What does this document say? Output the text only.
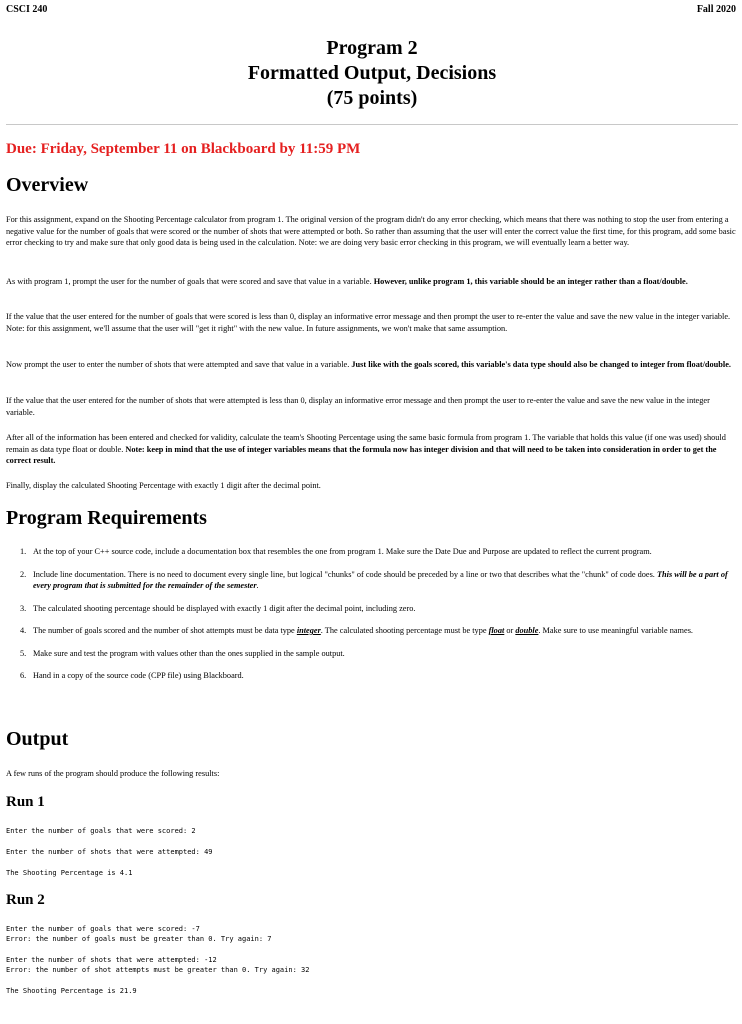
CSCI 240	Fall 2020
Program 2
Formatted Output, Decisions
(75 points)
Due: Friday, September 11 on Blackboard by 11:59 PM
Overview

For this assignment, expand on the Shooting Percentage calculator from program 1. The original version of the program didn't do any error checking, which means that there was nothing to stop the user from entering a negative value for the number of goals that were scored or the number of shots that were attempted or both. So rather than assuming that the user will enter the correct value the first time, for this program, add some basic error checking to try and make sure that only good data is being used in the calculation. Note: we are doing very basic error checking in this program, we will eventually learn a better way.

As with program 1, prompt the user for the number of goals that were scored and save that value in a variable. However, unlike program 1, this variable should be an integer rather than a float/double.

If the value that the user entered for the number of goals that were scored is less than 0, display an informative error message and then prompt the user to re-enter the value and save the new value in the integer variable. Note: for this assignment, we'll assume that the user will "get it right" with the new value. In future assignments, we won't make that same assumption.

Now prompt the user to enter the number of shots that were attempted and save that value in a variable. Just like with the goals scored, this variable's data type should also be changed to integer from float/double.

If the value that the user entered for the number of shots that were attempted is less than 0, display an informative error message and then prompt the user to re-enter the value and save the new value in the integer variable.

After all of the information has been entered and checked for validity, calculate the team's Shooting Percentage using the same basic formula from program 1. The variable that holds this value (if one was used) should remain as data type float or double. Note: keep in mind that the use of integer variables means that the formula now has integer division and that will need to be taken into consideration in order to get the correct result.

Finally, display the calculated Shooting Percentage with exactly 1 digit after the decimal point.

Program Requirements
1. At the top of your C++ source code, include a documentation box that resembles the one from program 1. Make sure the Date Due and Purpose are updated to reflect the current program.
2. Include line documentation. There is no need to document every single line, but logical "chunks" of code should be preceded by a line or two that describes what the "chunk" of code does. This will be a part of every program that is submitted for the remainder of the semester.
3. The calculated shooting percentage should be displayed with exactly 1 digit after the decimal point, including zero.
4. The number of goals scored and the number of shot attempts must be data type integer. The calculated shooting percentage must be type float or double. Make sure to use meaningful variable names.
5. Make sure and test the program with values other than the ones supplied in the sample output.
6. Hand in a copy of the source code (CPP file) using Blackboard.
Output

A few runs of the program should produce the following results:

Run 1
Enter the number of goals that were scored: 2
Enter the number of shots that were attempted: 49
The Shooting Percentage is 4.1
Run 2
Enter the number of goals that were scored: -7
Error: the number of goals must be greater than 0. Try again: 7
Enter the number of shots that were attempted: -12
Error: the number of shot attempts must be greater than 0. Try again: 32
The Shooting Percentage is 21.9
